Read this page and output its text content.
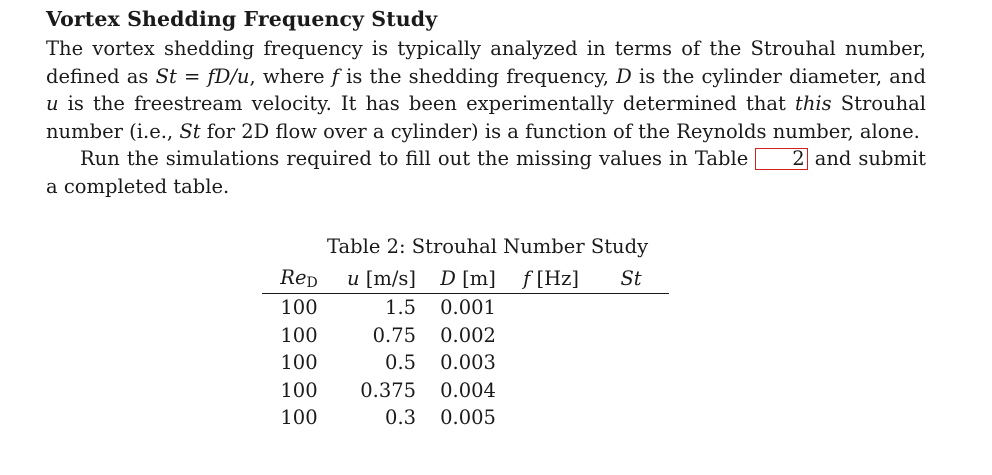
Vortex Shedding Frequency Study
The vortex shedding frequency is typically analyzed in terms of the Strouhal number, defined as St = fD/u, where f is the shedding frequency, D is the cylinder diameter, and u is the freestream velocity. It has been experimentally determined that this Strouhal number (i.e., St for 2D flow over a cylinder) is a function of the Reynolds number, alone.
Run the simulations required to fill out the missing values in Table 2 and submit a completed table.
Table 2: Strouhal Number Study
$Re_D$	u [m/s]	D [m]	f [Hz]	St
100	1.5	0.001		
100	0.75	0.002		
100	0.5	0.003		
100	0.375	0.004		
100	0.3	0.005		
